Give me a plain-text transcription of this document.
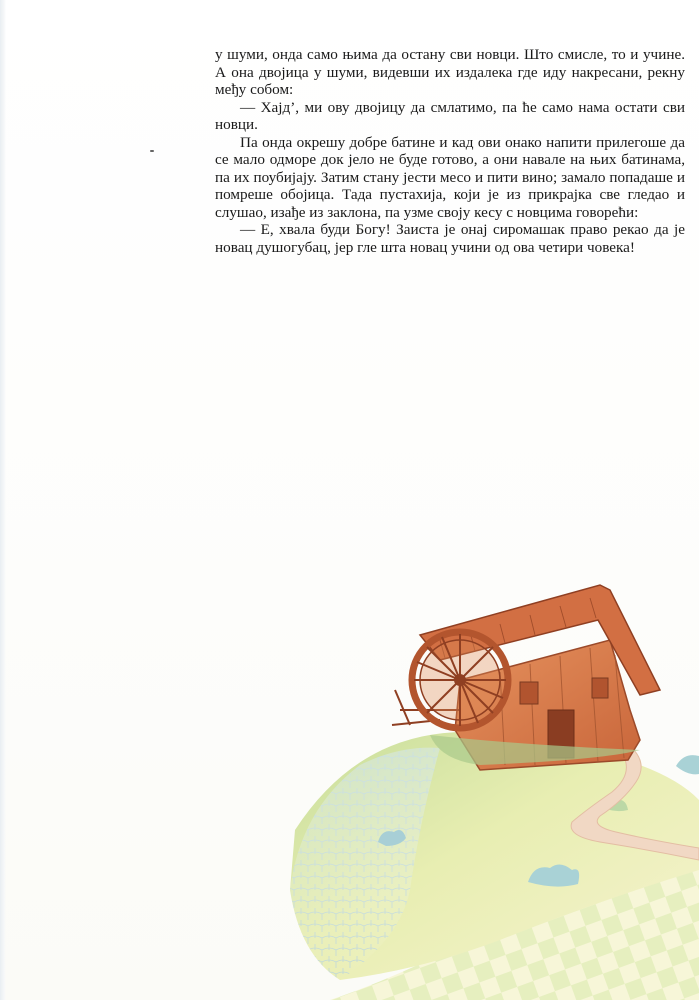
у шуми, онда само њима да остану сви новци. Што смисле, то и учине. А она двојица у шуми, видевши их издалека где иду накресани, рекну међу собом:

— Хајд’, ми ову двојицу да смлатимо, па ће само нама остати сви новци.

Па онда окрешу добре батине и кад ови онако напити прилегоше да се мало одморе док јело не буде готово, а они навале на њих батинама, па их поубијају. Затим стану јести месо и пити вино; замало попадаше и помреше обојица. Тада пустахија, који је из прикрајка све гледао и слушао, изађе из заклона, па узме своју кесу с новцима говорећи:

— Е, хвала буди Богу! Заиста је онај сиромашак право рекао да је новац душогубац, јер гле шта новац учини од ова четири човека!
